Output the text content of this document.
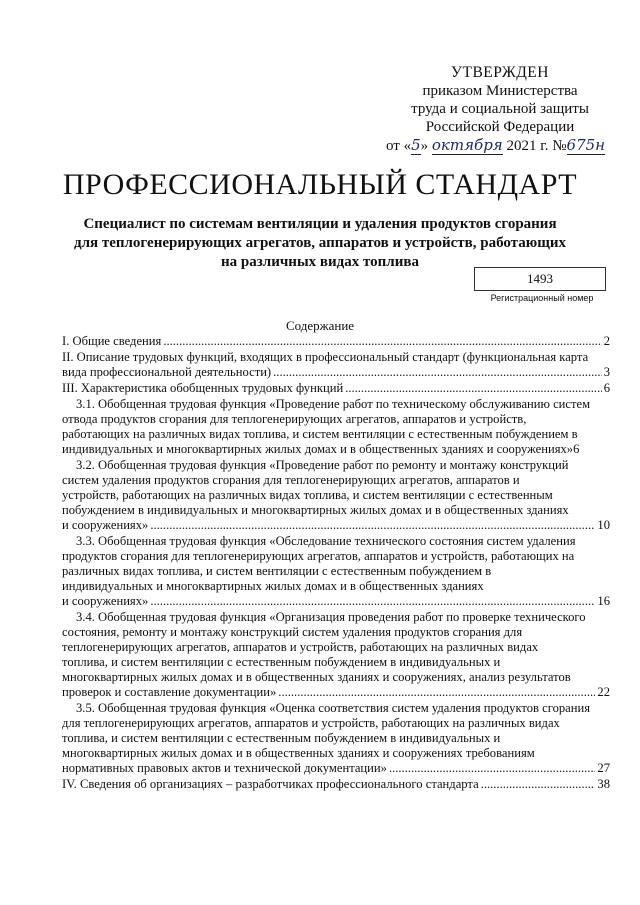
УТВЕРЖДЕН
приказом Министерства
труда и социальной защиты
Российской Федерации
от «5» октября 2021 г. №675н
ПРОФЕССИОНАЛЬНЫЙ СТАНДАРТ
Специалист по системам вентиляции и удаления продуктов сгорания
для теплогенерирующих агрегатов, аппаратов и устройств, работающих
на различных видах топлива
1493
Регистрационный номер
Содержание
I. Общие сведения .....	2
II. Описание трудовых функций, входящих в профессиональный стандарт (функциональная карта
вида профессиональной деятельности) .....	3
III. Характеристика обобщенных трудовых функций .....	6
3.1. Обобщенная трудовая функция «Проведение работ по техническому обслуживанию систем
отвода продуктов сгорания для теплогенерирующих агрегатов, аппаратов и устройств,
работающих на различных видах топлива, и систем вентиляции с естественным побуждением в
индивидуальных и многоквартирных жилых домах и в общественных зданиях и сооружениях» 6
3.2. Обобщенная трудовая функция «Проведение работ по ремонту и монтажу конструкций
систем удаления продуктов сгорания для теплогенерирующих агрегатов, аппаратов и
устройств, работающих на различных видах топлива, и систем вентиляции с естественным
побуждением в индивидуальных и многоквартирных жилых домах и в общественных зданиях
и сооружениях» .....	10
3.3. Обобщенная трудовая функция «Обследование технического состояния систем удаления
продуктов сгорания для теплогенерирующих агрегатов, аппаратов и устройств, работающих на
различных видах топлива, и систем вентиляции с естественным побуждением в
индивидуальных и многоквартирных жилых домах и в общественных зданиях
и сооружениях» .....	16
3.4. Обобщенная трудовая функция «Организация проведения работ по проверке технического
состояния, ремонту и монтажу конструкций систем удаления продуктов сгорания для
теплогенерирующих агрегатов, аппаратов и устройств, работающих на различных видах
топлива, и систем вентиляции с естественным побуждением в индивидуальных и
многоквартирных жилых домах и в общественных зданиях и сооружениях, анализ результатов
проверок и составление документации» .....	22
3.5. Обобщенная трудовая функция «Оценка соответствия систем удаления продуктов сгорания
для теплогенерирующих агрегатов, аппаратов и устройств, работающих на различных видах
топлива, и систем вентиляции с естественным побуждением в индивидуальных и
многоквартирных жилых домах и в общественных зданиях и сооружениях требованиям
нормативных правовых актов и технической документации» .....	27
IV. Сведения об организациях – разработчиках профессионального стандарта .....	38
